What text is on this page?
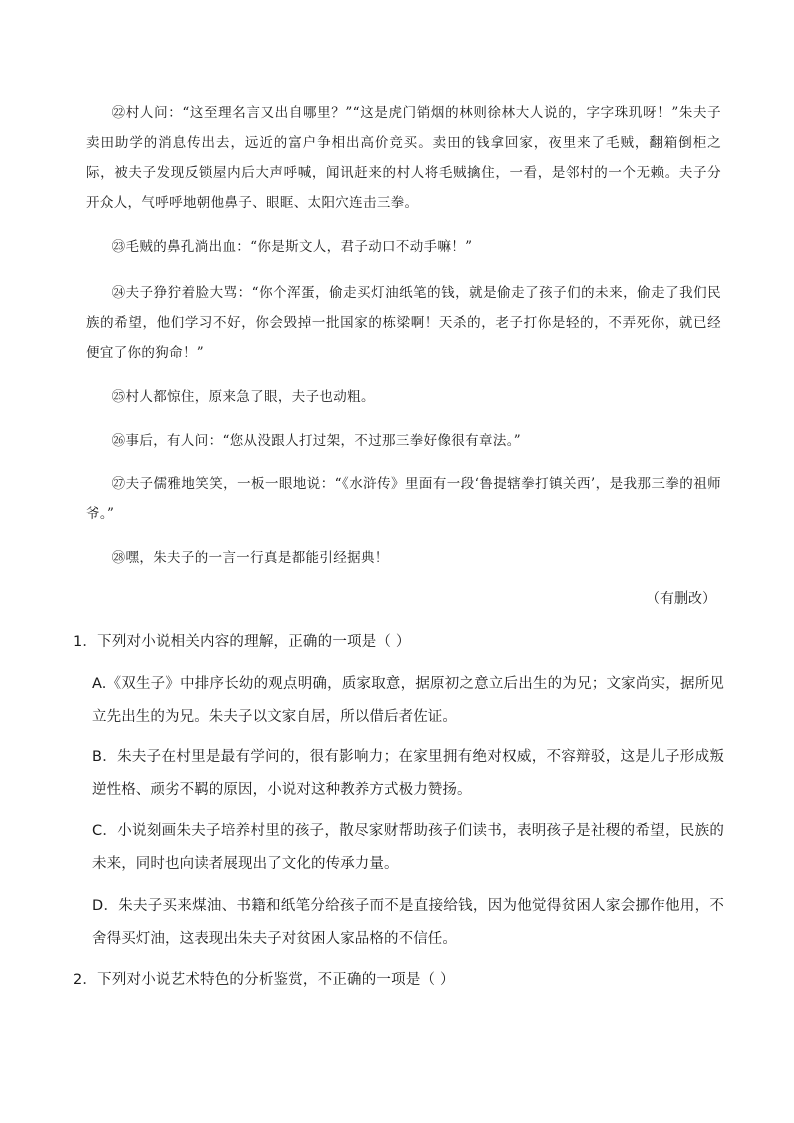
㉒村人问：“这至理名言又出自哪里？”“这是虎门销烟的林则徐林大人说的，字字珠玑呀！”朱夫子卖田助学的消息传出去，远近的富户争相出高价竞买。卖田的钱拿回家，夜里来了毛贼，翻箱倒柜之际，被夫子发现反锁屋内后大声呼喊，闻讯赶来的村人将毛贼擒住，一看，是邻村的一个无赖。夫子分开众人，气呼呼地朝他鼻子、眼眶、太阳穴连击三拳。

㉓毛贼的鼻孔淌出血：“你是斯文人，君子动口不动手嘛！”

㉔夫子狰狞着脸大骂：“你个浑蛋，偷走买灯油纸笔的钱，就是偷走了孩子们的未来，偷走了我们民族的希望，他们学习不好，你会毁掉一批国家的栋梁啊！天杀的，老子打你是轻的，不弄死你，就已经便宜了你的狗命！”

㉕村人都惊住，原来急了眼，夫子也动粗。

㉖事后，有人问：“您从没跟人打过架，不过那三拳好像很有章法。”

㉗夫子儒雅地笑笑，一板一眼地说：“《水浒传》里面有一段‘鲁提辖拳打镇关西’，是我那三拳的祖师爷。”

㉘嘿，朱夫子的一言一行真是都能引经据典！

（有删改）

1．下列对小说相关内容的理解，正确的一项是（ ）

A.《双生子》中排序长幼的观点明确，质家取意，据原初之意立后出生的为兄；文家尚实，据所见立先出生的为兄。朱夫子以文家自居，所以借后者佐证。

B．朱夫子在村里是最有学问的，很有影响力；在家里拥有绝对权威，不容辩驳，这是儿子形成叛逆性格、顽劣不羁的原因，小说对这种教养方式极力赞扬。

C．小说刻画朱夫子培养村里的孩子，散尽家财帮助孩子们读书，表明孩子是社稷的希望，民族的未来，同时也向读者展现出了文化的传承力量。

D．朱夫子买来煤油、书籍和纸笔分给孩子而不是直接给钱，因为他觉得贫困人家会挪作他用，不舍得买灯油，这表现出朱夫子对贫困人家品格的不信任。

2．下列对小说艺术特色的分析鉴赏，不正确的一项是（ ）
